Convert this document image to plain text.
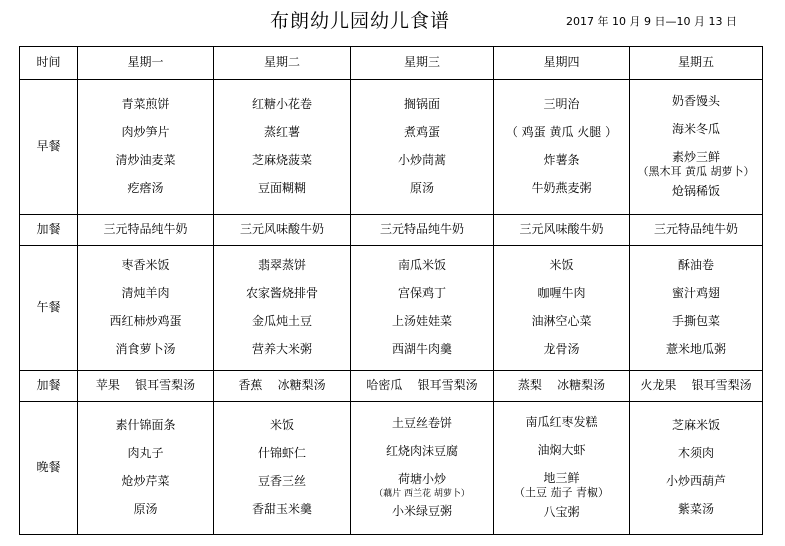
布朗幼儿园幼儿食谱	2017 年 10 月 9 日—10 月 13 日
时间	星期一	星期二	星期三	星期四	星期五
早餐	青菜煎饼
肉炒笋片
清炒油麦菜
疙瘩汤	红糖小花卷
蒸红薯
芝麻烧菠菜
豆面糊糊	搁锅面
煮鸡蛋
小炒茼蒿
原汤	三明治
（ 鸡蛋 黄瓜 火腿 ）
炸薯条
牛奶燕麦粥	奶香馒头
海米冬瓜
素炒三鲜
（黑木耳 黄瓜 胡萝卜）
炝锅稀饭

加餐	三元特品纯牛奶	三元风味酸牛奶	三元特品纯牛奶	三元风味酸牛奶	三元特品纯牛奶
午餐	枣香米饭
清炖羊肉
西红柿炒鸡蛋
消食萝卜汤	翡翠蒸饼
农家酱烧排骨
金瓜炖土豆
营养大米粥	南瓜米饭
宫保鸡丁
上汤娃娃菜
西湖牛肉羹	米饭
咖喱牛肉
油淋空心菜
龙骨汤	酥油卷
蜜汁鸡翅
手撕包菜
薏米地瓜粥

加餐	苹果    银耳雪梨汤	香蕉    冰糖梨汤	哈密瓜    银耳雪梨汤	蒸梨    冰糖梨汤	火龙果    银耳雪梨汤
晚餐	素什锦面条
肉丸子
炝炒芹菜
原汤	米饭
什锦虾仁
豆香三丝
香甜玉米羹	土豆丝卷饼
红烧肉沫豆腐
荷塘小炒
（藕片 西兰花 胡萝卜）
小米绿豆粥	南瓜红枣发糕
油焖大虾
地三鲜
（土豆 茄子 青椒）
八宝粥	芝麻米饭
木须肉
小炒西葫芦
紫菜汤
